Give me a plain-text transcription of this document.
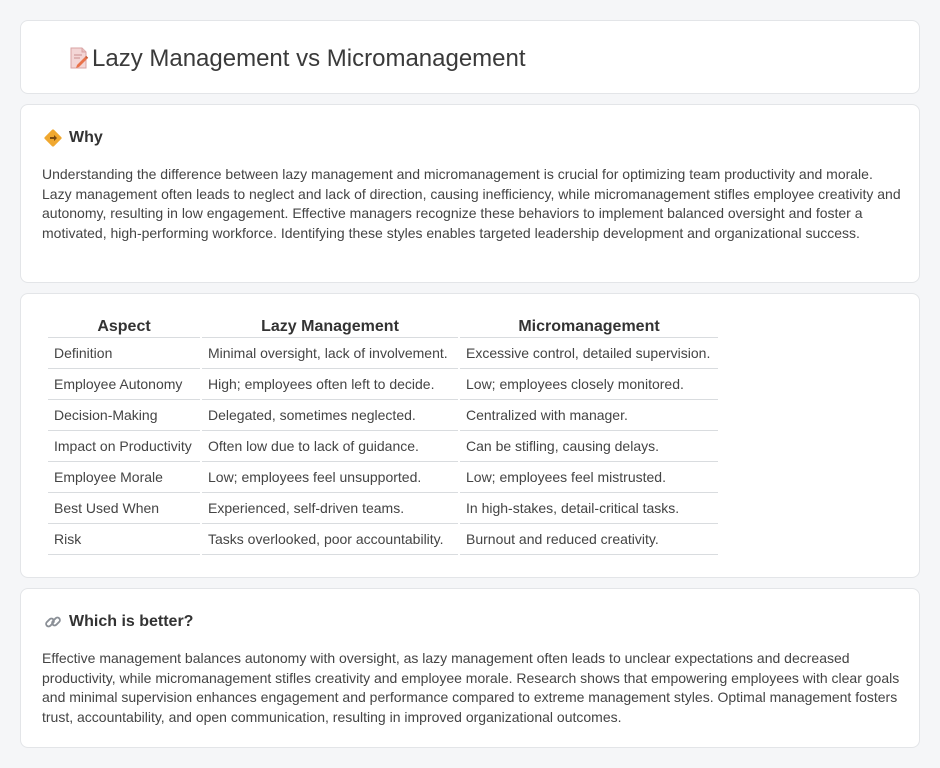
Lazy Management vs Micromanagement
Why

Understanding the difference between lazy management and micromanagement is crucial for optimizing team productivity and morale. Lazy management often leads to neglect and lack of direction, causing inefficiency, while micromanagement stifles employee creativity and autonomy, resulting in low engagement. Effective managers recognize these behaviors to implement balanced oversight and foster a motivated, high-performing workforce. Identifying these styles enables targeted leadership development and organizational success.

Aspect	Lazy Management	Micromanagement
Definition	Minimal oversight, lack of involvement.	Excessive control, detailed supervision.
Employee Autonomy	High; employees often left to decide.	Low; employees closely monitored.
Decision-Making	Delegated, sometimes neglected.	Centralized with manager.
Impact on Productivity	Often low due to lack of guidance.	Can be stifling, causing delays.
Employee Morale	Low; employees feel unsupported.	Low; employees feel mistrusted.
Best Used When	Experienced, self-driven teams.	In high-stakes, detail-critical tasks.
Risk	Tasks overlooked, poor accountability.	Burnout and reduced creativity.
Which is better?

Effective management balances autonomy with oversight, as lazy management often leads to unclear expectations and decreased productivity, while micromanagement stifles creativity and employee morale. Research shows that empowering employees with clear goals and minimal supervision enhances engagement and performance compared to extreme management styles. Optimal management fosters trust, accountability, and open communication, resulting in improved organizational outcomes.
